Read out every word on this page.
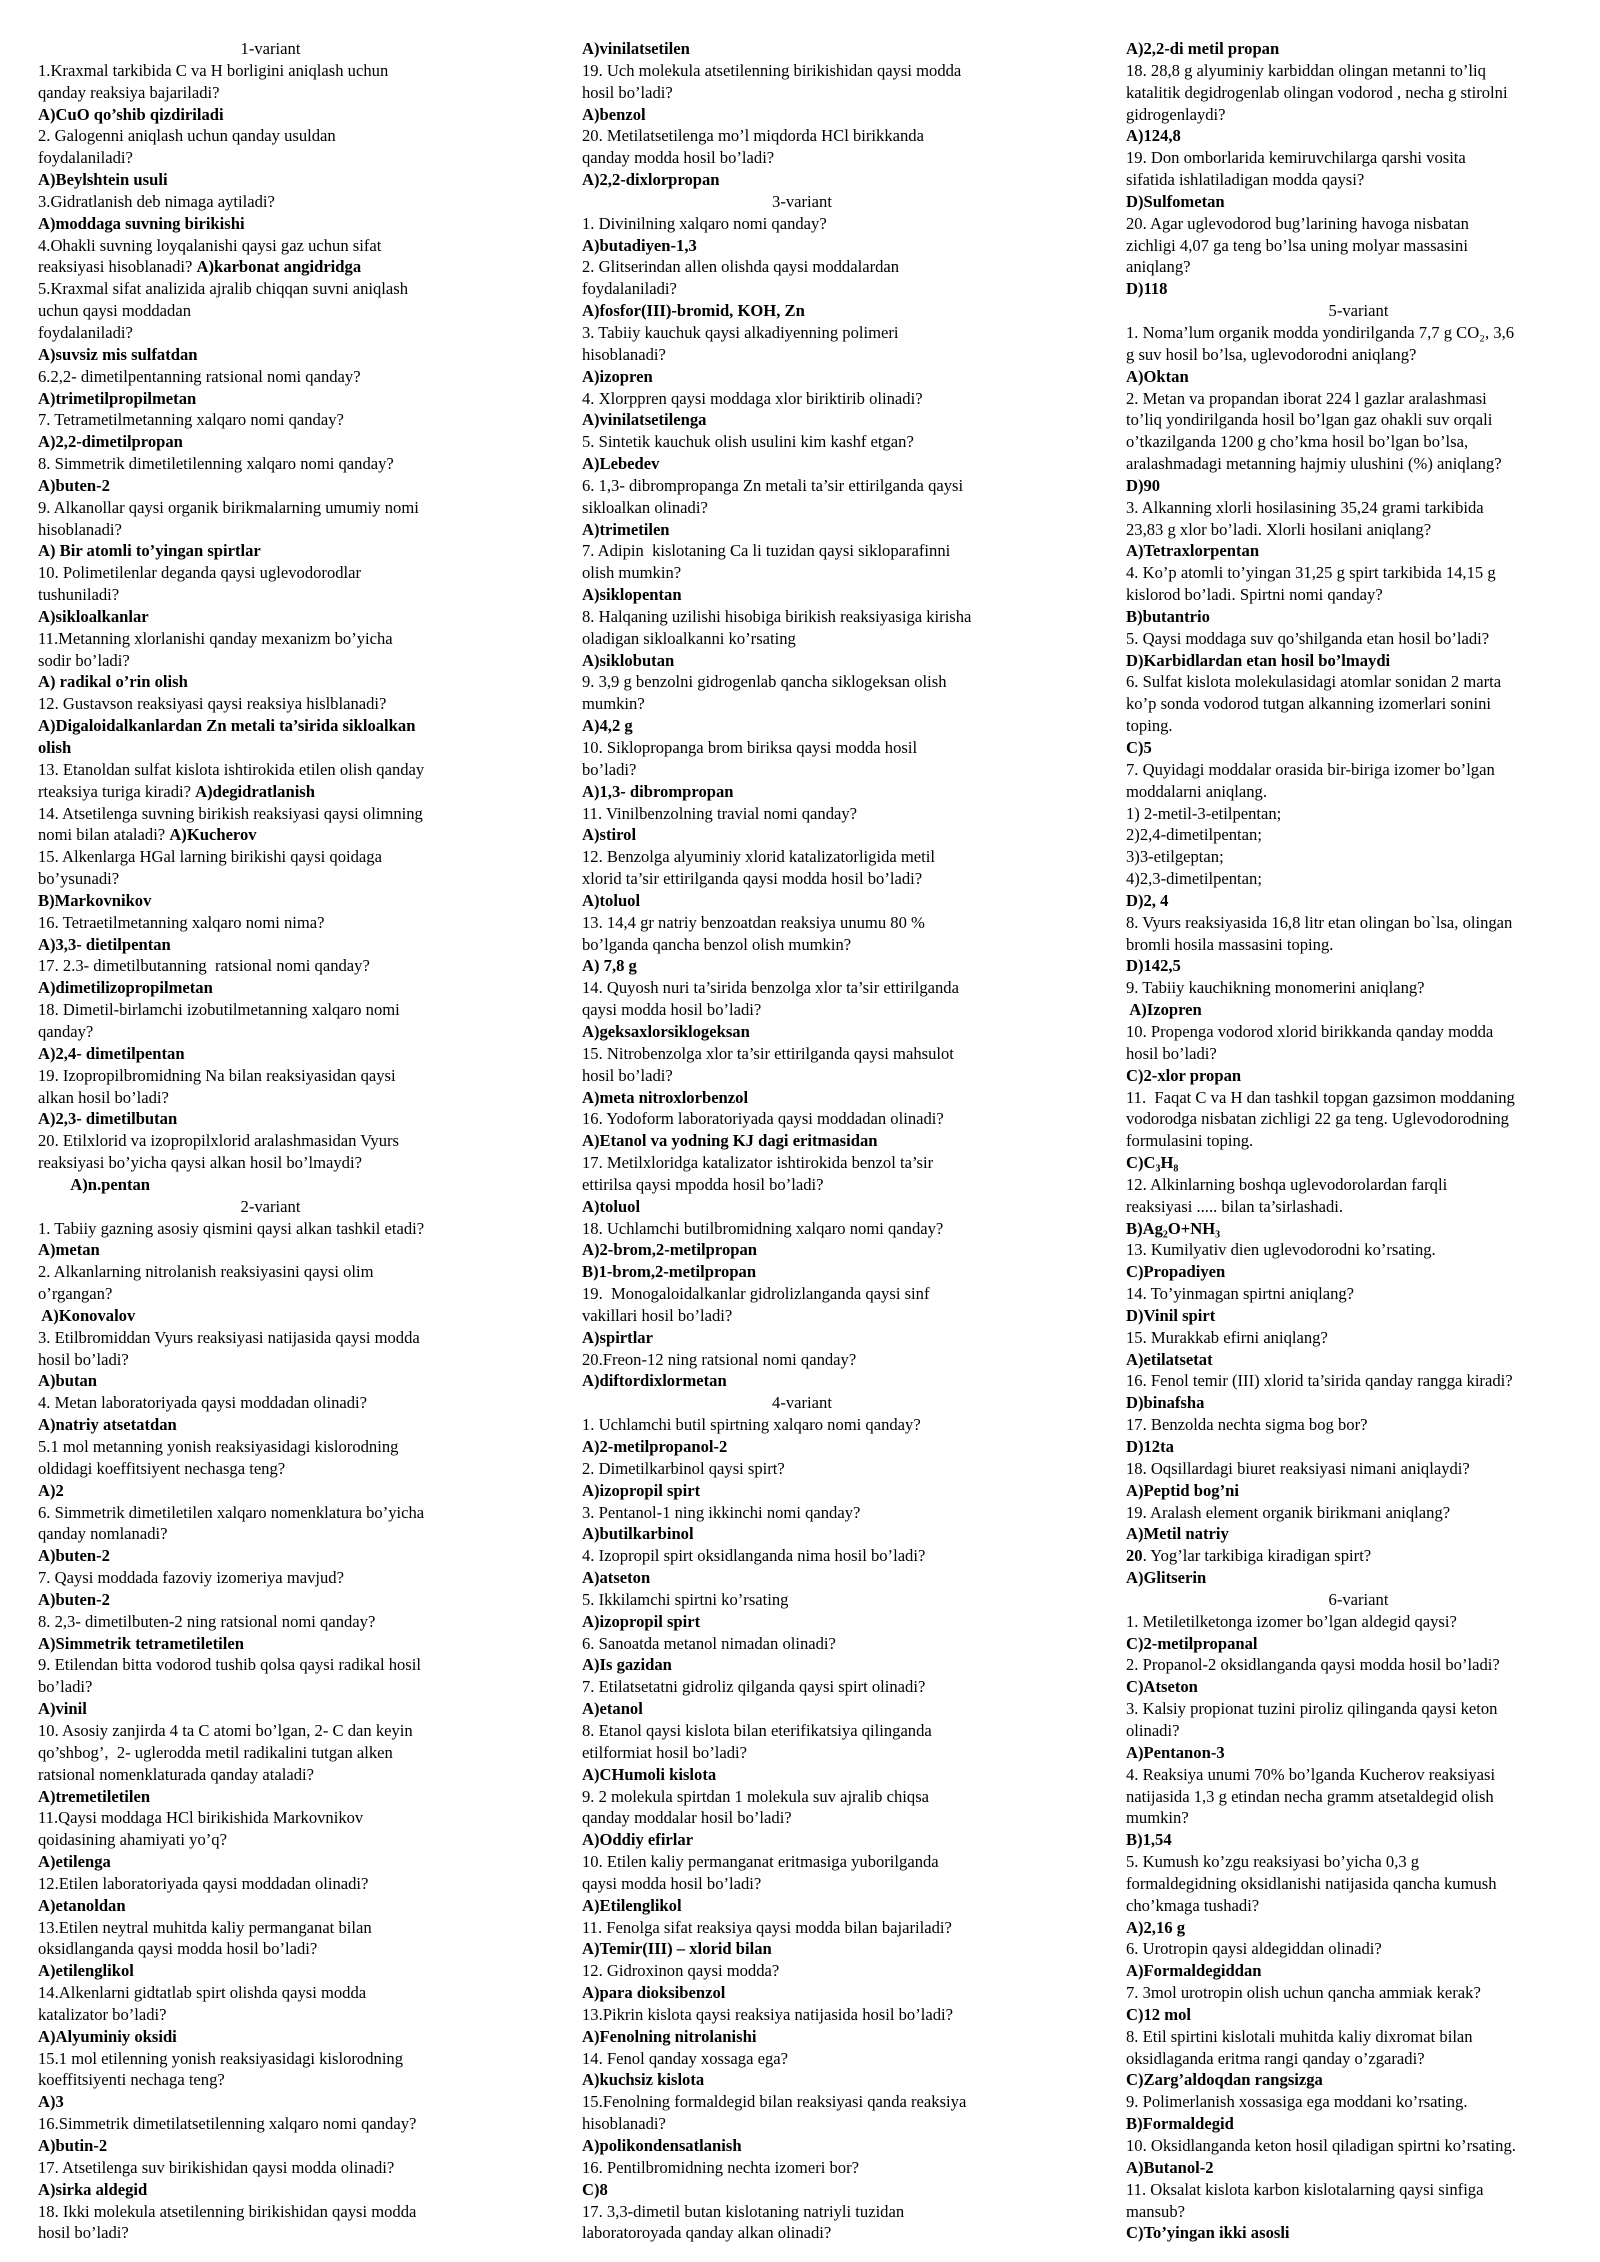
1-variant
1.Kraxmal tarkibida C va H borligini aniqlash uchun
qanday reaksiya bajariladi?
A)CuO qo’shib qizdiriladi
2. Galogenni aniqlash uchun qanday usuldan
foydalaniladi?
A)Beylshtein usuli
3.Gidratlanish deb nimaga aytiladi?
A)moddaga suvning birikishi
4.Ohakli suvning loyqalanishi qaysi gaz uchun sifat
reaksiyasi hisoblanadi? A)karbonat angidridga
5.Kraxmal sifat analizida ajralib chiqqan suvni aniqlash
uchun qaysi moddadan
foydalaniladi?
A)suvsiz mis sulfatdan
6.2,2- dimetilpentanning ratsional nomi qanday?
A)trimetilpropilmetan
7. Tetrametilmetanning xalqaro nomi qanday?
A)2,2-dimetilpropan
8. Simmetrik dimetiletilenning xalqaro nomi qanday?
A)buten-2
9. Alkanollar qaysi organik birikmalarning umumiy nomi
hisoblanadi?
A) Bir atomli to’yingan spirtlar
10. Polimetilenlar deganda qaysi uglevodorodlar
tushuniladi?
A)sikloalkanlar
11.Metanning xlorlanishi qanday mexanizm bo’yicha
sodir bo’ladi?
A) radikal o’rin olish
12. Gustavson reaksiyasi qaysi reaksiya hislblanadi?
A)Digaloidalkanlardan Zn metali ta’sirida sikloalkan
olish
13. Etanoldan sulfat kislota ishtirokida etilen olish qanday
rteaksiya turiga kiradi? A)degidratlanish
14. Atsetilenga suvning birikish reaksiyasi qaysi olimning
nomi bilan ataladi? A)Kucherov
15. Alkenlarga HGal larning birikishi qaysi qoidaga
bo’ysunadi?
B)Markovnikov
16. Tetraetilmetanning xalqaro nomi nima?
A)3,3- dietilpentan
17. 2.3- dimetilbutanning  ratsional nomi qanday?
A)dimetilizopropilmetan
18. Dimetil-birlamchi izobutilmetanning xalqaro nomi
qanday?
A)2,4- dimetilpentan
19. Izopropilbromidning Na bilan reaksiyasidan qaysi
alkan hosil bo’ladi?
A)2,3- dimetilbutan
20. Etilxlorid va izopropilxlorid aralashmasidan Vyurs
reaksiyasi bo’yicha qaysi alkan hosil bo’lmaydi?
A)n.pentan
2-variant
1. Tabiiy gazning asosiy qismini qaysi alkan tashkil etadi?
A)metan
2. Alkanlarning nitrolanish reaksiyasini qaysi olim
o’rgangan?
A)Konovalov
3. Etilbromiddan Vyurs reaksiyasi natijasida qaysi modda
hosil bo’ladi?
A)butan
4. Metan laboratoriyada qaysi moddadan olinadi?
A)natriy atsetatdan
5.1 mol metanning yonish reaksiyasidagi kislorodning
oldidagi koeffitsiyent nechasga teng?
A)2
6. Simmetrik dimetiletilen xalqaro nomenklatura bo’yicha
qanday nomlanadi?
A)buten-2
7. Qaysi moddada fazoviy izomeriya mavjud?
A)buten-2
8. 2,3- dimetilbuten-2 ning ratsional nomi qanday?
A)Simmetrik tetrametiletilen
9. Etilendan bitta vodorod tushib qolsa qaysi radikal hosil
bo’ladi?
A)vinil
10. Asosiy zanjirda 4 ta C atomi bo’lgan, 2- C dan keyin
qo’shbog’,  2- uglerodda metil radikalini tutgan alken
ratsional nomenklaturada qanday ataladi?
A)tremetiletilen
11.Qaysi moddaga HCl birikishida Markovnikov
qoidasining ahamiyati yo’q?
A)etilenga
12.Etilen laboratoriyada qaysi moddadan olinadi?
A)etanoldan
13.Etilen neytral muhitda kaliy permanganat bilan
oksidlanganda qaysi modda hosil bo’ladi?
A)etilenglikol
14.Alkenlarni gidtatlab spirt olishda qaysi modda
katalizator bo’ladi?
A)Alyuminiy oksidi
15.1 mol etilenning yonish reaksiyasidagi kislorodning
koeffitsiyenti nechaga teng?
A)3
16.Simmetrik dimetilatsetilenning xalqaro nomi qanday?
A)butin-2
17. Atsetilenga suv birikishidan qaysi modda olinadi?
A)sirka aldegid
18. Ikki molekula atsetilenning birikishidan qaysi modda
hosil bo’ladi?
A)vinilatsetilen
19. Uch molekula atsetilenning birikishidan qaysi modda
hosil bo’ladi?
A)benzol
20. Metilatsetilenga mo’l miqdorda HCl birikkanda
qanday modda hosil bo’ladi?
A)2,2-dixlorpropan
3-variant
1. Divinilning xalqaro nomi qanday?
A)butadiyen-1,3
2. Glitserindan allen olishda qaysi moddalardan
foydalaniladi?
A)fosfor(III)-bromid, KOH, Zn
3. Tabiiy kauchuk qaysi alkadiyenning polimeri
hisoblanadi?
A)izopren
4. Xlorppren qaysi moddaga xlor biriktirib olinadi?
A)vinilatsetilenga
5. Sintetik kauchuk olish usulini kim kashf etgan?
A)Lebedev
6. 1,3- dibrompropanga Zn metali ta’sir ettirilganda qaysi
sikloalkan olinadi?
A)trimetilen
7. Adipin  kislotaning Ca li tuzidan qaysi sikloparafinni
olish mumkin?
A)siklopentan
8. Halqaning uzilishi hisobiga birikish reaksiyasiga kirisha
oladigan sikloalkanni ko’rsating
A)siklobutan
9. 3,9 g benzolni gidrogenlab qancha siklogeksan olish
mumkin?
A)4,2 g
10. Siklopropanga brom biriksa qaysi modda hosil
bo’ladi?
A)1,3- dibrompropan
11. Vinilbenzolning travial nomi qanday?
A)stirol
12. Benzolga alyuminiy xlorid katalizatorligida metil
xlorid ta’sir ettirilganda qaysi modda hosil bo’ladi?
A)toluol
13. 14,4 gr natriy benzoatdan reaksiya unumu 80 %
bo’lganda qancha benzol olish mumkin?
A) 7,8 g
14. Quyosh nuri ta’sirida benzolga xlor ta’sir ettirilganda
qaysi modda hosil bo’ladi?
A)geksaxlorsiklogeksan
15. Nitrobenzolga xlor ta’sir ettirilganda qaysi mahsulot
hosil bo’ladi?
A)meta nitroxlorbenzol
16. Yodoform laboratoriyada qaysi moddadan olinadi?
A)Etanol va yodning KJ dagi eritmasidan
17. Metilxloridga katalizator ishtirokida benzol ta’sir
ettirilsa qaysi mpodda hosil bo’ladi?
A)toluol
18. Uchlamchi butilbromidning xalqaro nomi qanday?
A)2-brom,2-metilpropan
B)1-brom,2-metilpropan
19.  Monogaloidalkanlar gidrolizlanganda qaysi sinf
vakillari hosil bo’ladi?
A)spirtlar
20.Freon-12 ning ratsional nomi qanday?
A)diftordixlormetan
4-variant
1. Uchlamchi butil spirtning xalqaro nomi qanday?
A)2-metilpropanol-2
2. Dimetilkarbinol qaysi spirt?
A)izopropil spirt
3. Pentanol-1 ning ikkinchi nomi qanday?
A)butilkarbinol
4. Izopropil spirt oksidlanganda nima hosil bo’ladi?
A)atseton
5. Ikkilamchi spirtni ko’rsating
A)izopropil spirt
6. Sanoatda metanol nimadan olinadi?
A)Is gazidan
7. Etilatsetatni gidroliz qilganda qaysi spirt olinadi?
A)etanol
8. Etanol qaysi kislota bilan eterifikatsiya qilinganda
etilformiat hosil bo’ladi?
A)CHumoli kislota
9. 2 molekula spirtdan 1 molekula suv ajralib chiqsa
qanday moddalar hosil bo’ladi?
A)Oddiy efirlar
10. Etilen kaliy permanganat eritmasiga yuborilganda
qaysi modda hosil bo’ladi?
A)Etilenglikol
11. Fenolga sifat reaksiya qaysi modda bilan bajariladi?
A)Temir(III) – xlorid bilan
12. Gidroxinon qaysi modda?
A)para dioksibenzol
13.Pikrin kislota qaysi reaksiya natijasida hosil bo’ladi?
A)Fenolning nitrolanishi
14. Fenol qanday xossaga ega?
A)kuchsiz kislota
15.Fenolning formaldegid bilan reaksiyasi qanda reaksiya
hisoblanadi?
A)polikondensatlanish
16. Pentilbromidning nechta izomeri bor?
C)8
17. 3,3-dimetil butan kislotaning natriyli tuzidan
laboratoroyada qanday alkan olinadi?
A)2,2-di metil propan
18. 28,8 g alyuminiy karbiddan olingan metanni to’liq
katalitik degidrogenlab olingan vodorod , necha g stirolni
gidrogenlaydi?
A)124,8
19. Don omborlarida kemiruvchilarga qarshi vosita
sifatida ishlatiladigan modda qaysi?
D)Sulfometan
20. Agar uglevodorod bug’larining havoga nisbatan
zichligi 4,07 ga teng bo’lsa uning molyar massasini
aniqlang?
D)118
5-variant
1. Noma’lum organik modda yondirilganda 7,7 g CO₂, 3,6
g suv hosil bo’lsa, uglevodorodni aniqlang?
A)Oktan
2. Metan va propandan iborat 224 l gazlar aralashmasi
to’liq yondirilganda hosil bo’lgan gaz ohakli suv orqali
o’tkazilganda 1200 g cho’kma hosil bo’lgan bo’lsa,
aralashmadagi metanning hajmiy ulushini (%) aniqlang?
D)90
3. Alkanning xlorli hosilasining 35,24 grami tarkibida
23,83 g xlor bo’ladi. Xlorli hosilani aniqlang?
A)Tetraxlorpentan
4. Ko’p atomli to’yingan 31,25 g spirt tarkibida 14,15 g
kislorod bo’ladi. Spirtni nomi qanday?
B)butantrio
5. Qaysi moddaga suv qo’shilganda etan hosil bo’ladi?
D)Karbidlardan etan hosil bo’lmaydi
6. Sulfat kislota molekulasidagi atomlar sonidan 2 marta
ko’p sonda vodorod tutgan alkanning izomerlari sonini
toping.
C)5
7. Quyidagi moddalar orasida bir-biriga izomer bo’lgan
moddalarni aniqlang.
1) 2-metil-3-etilpentan;
2)2,4-dimetilpentan;
3)3-etilgeptan;
4)2,3-dimetilpentan;
D)2, 4
8. Vyurs reaksiyasida 16,8 litr etan olingan bo`lsa, olingan
bromli hosila massasini toping.
D)142,5
9. Tabiiy kauchikning monomerini aniqlang?
A)Izopren
10. Propenga vodorod xlorid birikkanda qanday modda
hosil bo’ladi?
C)2-xlor propan
11.  Faqat C va H dan tashkil topgan gazsimon moddaning
vodorodga nisbatan zichligi 22 ga teng. Uglevodorodning
formulasini toping.
C)C₃H₈
12. Alkinlarning boshqa uglevodorolardan farqli
reaksiyasi ..... bilan ta’sirlashadi.
B)Ag₂O+NH₃
13. Kumilyativ dien uglevodorodni ko’rsating.
C)Propadiyen
14. To’yinmagan spirtni aniqlang?
D)Vinil spirt
15. Murakkab efirni aniqlang?
A)etilatsetat
16. Fenol temir (III) xlorid ta’sirida qanday rangga kiradi?
D)binafsha
17. Benzolda nechta sigma bog bor?
D)12ta
18. Oqsillardagi biuret reaksiyasi nimani aniqlaydi?
A)Peptid bog’ni
19. Aralash element organik birikmani aniqlang?
A)Metil natriy
20. Yog’lar tarkibiga kiradigan spirt?
A)Glitserin
6-variant
1. Metiletilketonga izomer bo’lgan aldegid qaysi?
C)2-metilpropanal
2. Propanol-2 oksidlanganda qaysi modda hosil bo’ladi?
C)Atseton
3. Kalsiy propionat tuzini piroliz qilinganda qaysi keton
olinadi?
A)Pentanon-3
4. Reaksiya unumi 70% bo’lganda Kucherov reaksiyasi
natijasida 1,3 g etindan necha gramm atsetaldegid olish
mumkin?
B)1,54
5. Kumush ko’zgu reaksiyasi bo’yicha 0,3 g
formaldegidning oksidlanishi natijasida qancha kumush
cho’kmaga tushadi?
A)2,16 g
6. Urotropin qaysi aldegiddan olinadi?
A)Formaldegiddan
7. 3mol urotropin olish uchun qancha ammiak kerak?
C)12 mol
8. Etil spirtini kislotali muhitda kaliy dixromat bilan
oksidlaganda eritma rangi qanday o’zgaradi?
C)Zarg’aldoqdan rangsizga
9. Polimerlanish xossasiga ega moddani ko’rsating.
B)Formaldegid
10. Oksidlanganda keton hosil qiladigan spirtni ko’rsating.
A)Butanol-2
11. Oksalat kislota karbon kislotalarning qaysi sinfiga
mansub?
C)To’yingan ikki asosli
